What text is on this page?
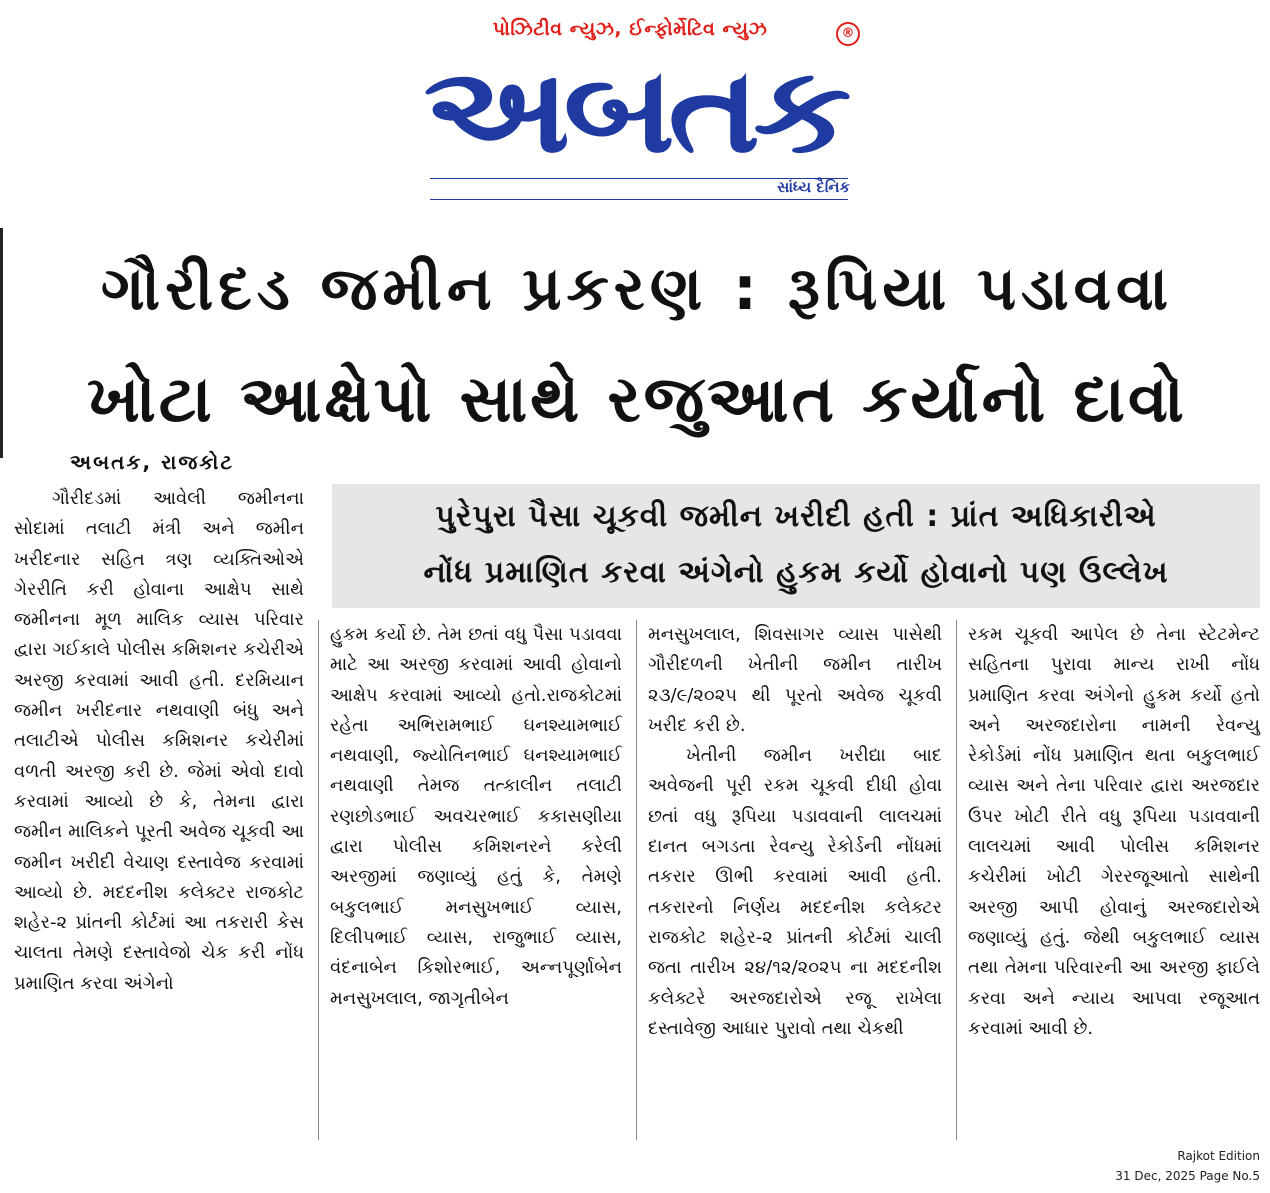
પોઝિટીવ ન્યુઝ, ઈન્ફોર્મેટિવ ન્યુઝ
અબતક
®
સાંધ્ય દૈનિક
ગૌરીદડ જમીન પ્રકરણ : રૂપિયા પડાવવા
ખોટા આક્ષેપો સાથે રજુઆત કર્યાનો દાવો
અબતક, રાજકોટ
પુરેપુરા પૈસા ચૂકવી જમીન ખરીદી હતી : પ્રાંત અધિકારીએ
નોંધ પ્રમાણિત કરવા અંગેનો હુકમ કર્યો હોવાનો પણ ઉલ્લેખ

ગૌરીદડમાં આવેલી જમીનના સોદામાં તલાટી મંત્રી અને જમીન ખરીદનાર સહિત ત્રણ વ્યક્તિઓએ ગેરરીતિ કરી હોવાના આક્ષેપ સાથે જમીનના મૂળ માલિક વ્યાસ પરિવાર દ્વારા ગઈકાલે પોલીસ કમિશનર કચેરીએ અરજી કરવામાં આવી હતી. દરમિયાન જમીન ખરીદનાર નથવાણી બંધુ અને તલાટીએ પોલીસ કમિશનર કચેરીમાં વળતી અરજી કરી છે. જેમાં એવો દાવો કરવામાં આવ્યો છે કે, તેમના દ્વારા જમીન માલિકને પૂરતી અવેજ ચૂકવી આ જમીન ખરીદી વેચાણ દસ્તાવેજ કરવામાં આવ્યો છે. મદદનીશ કલેક્ટર રાજકોટ શહેર-૨ પ્રાંતની કોર્ટમાં આ તકરારી કેસ ચાલતા તેમણે દસ્તાવેજો ચેક કરી નોંધ પ્રમાણિત કરવા અંગેનો

હુકમ કર્યો છે. તેમ છતાં વધુ પૈસા પડાવવા માટે આ અરજી કરવામાં આવી હોવાનો આક્ષેપ કરવામાં આવ્યો હતો.રાજકોટમાં રહેતા અભિરામભાઈ ઘનશ્યામભાઈ નથવાણી, જ્યોતિનભાઈ ઘનશ્યામભાઈ નથવાણી તેમજ તત્કાલીન તલાટી રણછોડભાઈ અવચરભાઈ કકાસણીયા દ્વારા પોલીસ કમિશનરને કરેલી અરજીમાં જણાવ્યું હતું કે, તેમણે બકુલભાઈ મનસુખભાઈ વ્યાસ, દિલીપભાઈ વ્યાસ, રાજુભાઈ વ્યાસ, વંદનાબેન કિશોરભાઈ, અન્નપૂર્ણાબેન મનસુખલાલ, જાગૃતીબેન

મનસુખલાલ, શિવસાગર વ્યાસ પાસેથી ગૌરીદળની ખેતીની જમીન તારીખ ૨૩/૯/૨૦૨૫ થી પૂરતો અવેજ ચૂકવી ખરીદ કરી છે.

ખેતીની જમીન ખરીદ્યા બાદ અવેજની પૂરી રકમ ચૂકવી દીધી હોવા છતાં વધુ રૂપિયા પડાવવાની લાલચમાં દાનત બગડતા રેવન્યુ રેકોર્ડની નોંધમાં તકરાર ઊભી કરવામાં આવી હતી. તકરારનો નિર્ણય મદદનીશ કલેક્ટર રાજકોટ શહેર-૨ પ્રાંતની કોર્ટમાં ચાલી જતા તારીખ ૨૪/૧૨/૨૦૨૫ ના મદદનીશ કલેક્ટરે અરજદારોએ રજૂ રાખેલા દસ્તાવેજી આધાર પુરાવો તથા ચેકથી

રકમ ચૂકવી આપેલ છે તેના સ્ટેટમેન્ટ સહિતના પુરાવા માન્ય રાખી નોંધ પ્રમાણિત કરવા અંગેનો હુકમ કર્યો હતો અને અરજદારોના નામની રેવન્યુ રેકોર્ડમાં નોંધ પ્રમાણિત થતા બકુલભાઈ વ્યાસ અને તેના પરિવાર દ્વારા અરજદાર ઉપર ખોટી રીતે વધુ રૂપિયા પડાવવાની લાલચમાં આવી પોલીસ કમિશનર કચેરીમાં ખોટી ગેરરજૂઆતો સાથેની અરજી આપી હોવાનું અરજદારોએ જણાવ્યું હતું. જેથી બકુલભાઈ વ્યાસ તથા તેમના પરિવારની આ અરજી ફાઈલે કરવા અને ન્યાય આપવા રજૂઆત કરવામાં આવી છે.

Rajkot Edition
31 Dec, 2025 Page No.5
